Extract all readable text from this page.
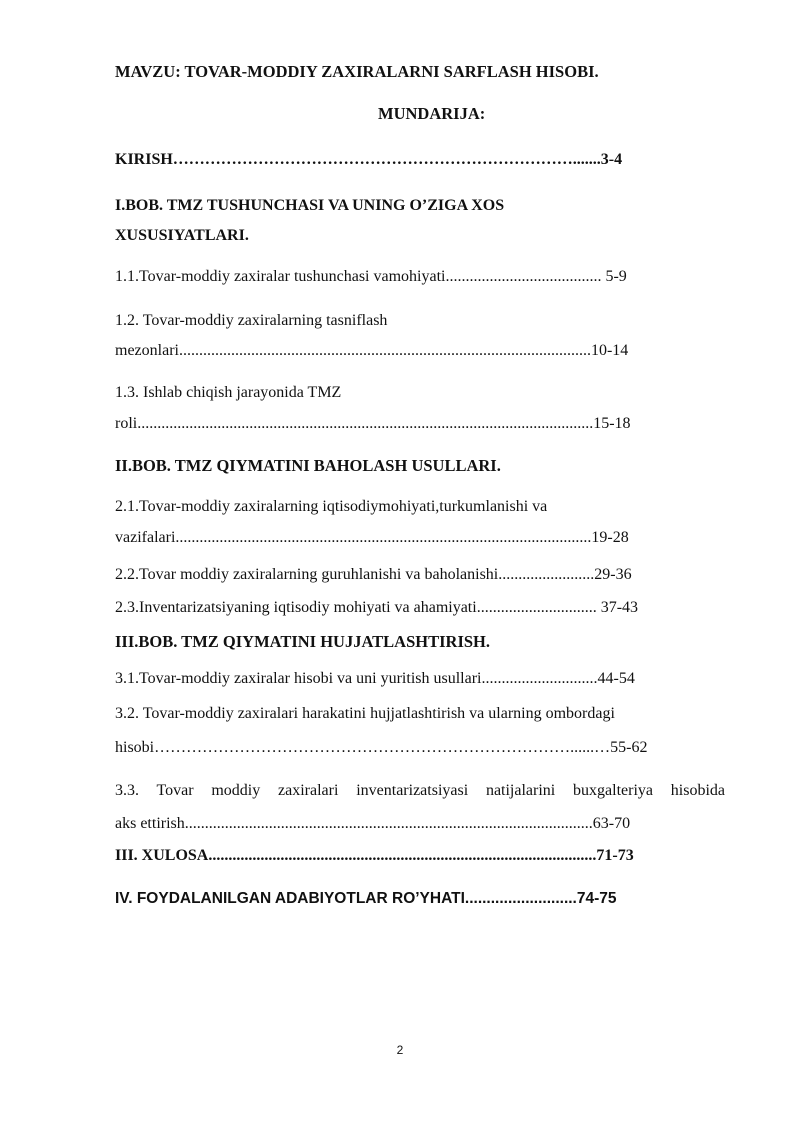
MAVZU: TOVAR-MODDIY ZAXIRALARNI SARFLASH HISOBI.
MUNDARIJA:
KIRISH………………………………………………………………….......3-4
I.BOB. TMZ TUSHUNCHASI VA UNING O’ZIGA XOS
XUSUSIYATLARI.
1.1.Tovar-moddiy zaxiralar tushunchasi vamohiyati....................................... 5-9
1.2. Tovar-moddiy zaxiralarning tasniflash
mezonlari.......................................................................................................10-14
1.3. Ishlab chiqish jarayonida TMZ
roli..................................................................................................................15-18
II.BOB. TMZ QIYMATINI BAHOLASH USULLARI.
2.1.Tovar-moddiy zaxiralarning iqtisodiymohiyati,turkumlanishi va
vazifalari........................................................................................................19-28
2.2.Tovar moddiy zaxiralarning guruhlanishi va baholanishi........................29-36
2.3.Inventarizatsiyaning iqtisodiy mohiyati va ahamiyati.............................. 37-43
III.BOB. TMZ QIYMATINI HUJJATLASHTIRISH.
3.1.Tovar-moddiy zaxiralar hisobi va uni yuritish usullari.............................44-54
3.2. Tovar-moddiy zaxiralari harakatini hujjatlashtirish va ularning ombordagi
hisobi……………………………………………………………………......…55-62
3.3. Tovar moddiy zaxiralari inventarizatsiyasi natijalarini buxgalteriya hisobida
aks ettirish......................................................................................................63-70
III. XULOSA.................................................................................................71-73
IV. FOYDALANILGAN ADABIYOTLAR RO’YHATI..........................74-75
2
